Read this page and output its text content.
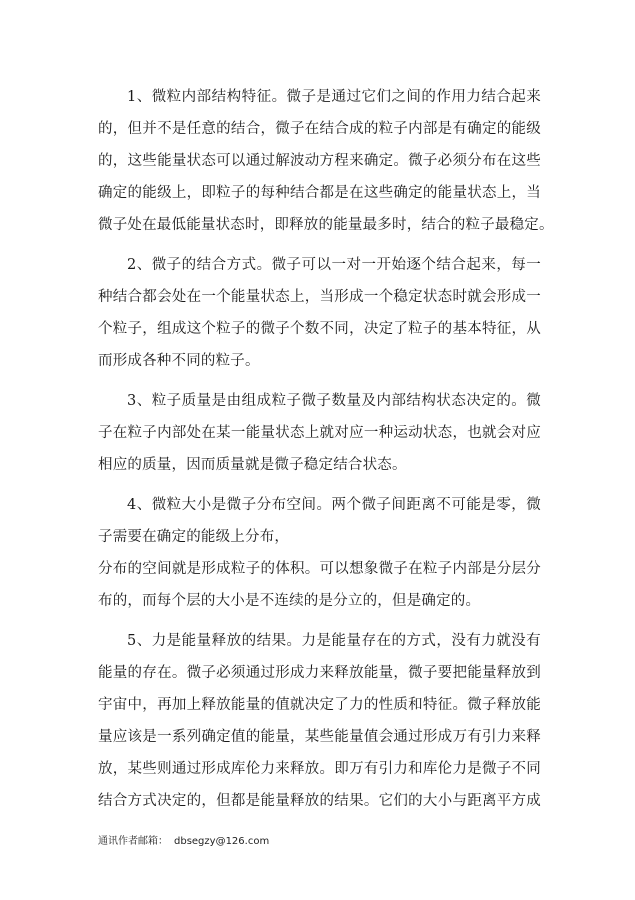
1、微粒内部结构特征。微子是通过它们之间的作用力结合起来
的，但并不是任意的结合，微子在结合成的粒子内部是有确定的能级
的，这些能量状态可以通过解波动方程来确定。微子必须分布在这些
确定的能级上，即粒子的每种结合都是在这些确定的能量状态上，当
微子处在最低能量状态时，即释放的能量最多时，结合的粒子最稳定。
2、微子的结合方式。微子可以一对一开始逐个结合起来，每一
种结合都会处在一个能量状态上，当形成一个稳定状态时就会形成一
个粒子，组成这个粒子的微子个数不同，决定了粒子的基本特征，从
而形成各种不同的粒子。
3、粒子质量是由组成粒子微子数量及内部结构状态决定的。微
子在粒子内部处在某一能量状态上就对应一种运动状态，也就会对应
相应的质量，因而质量就是微子稳定结合状态。
4、微粒大小是微子分布空间。两个微子间距离不可能是零，微
子需要在确定的能级上分布，
分布的空间就是形成粒子的体积。可以想象微子在粒子内部是分层分
布的，而每个层的大小是不连续的是分立的，但是确定的。
5、力是能量释放的结果。力是能量存在的方式，没有力就没有
能量的存在。微子必须通过形成力来释放能量，微子要把能量释放到
宇宙中，再加上释放能量的值就决定了力的性质和特征。微子释放能
量应该是一系列确定值的能量，某些能量值会通过形成万有引力来释
放，某些则通过形成库伦力来释放。即万有引力和库伦力是微子不同
结合方式决定的，但都是能量释放的结果。它们的大小与距离平方成
通讯作者邮箱： dbsegzy@126.com
